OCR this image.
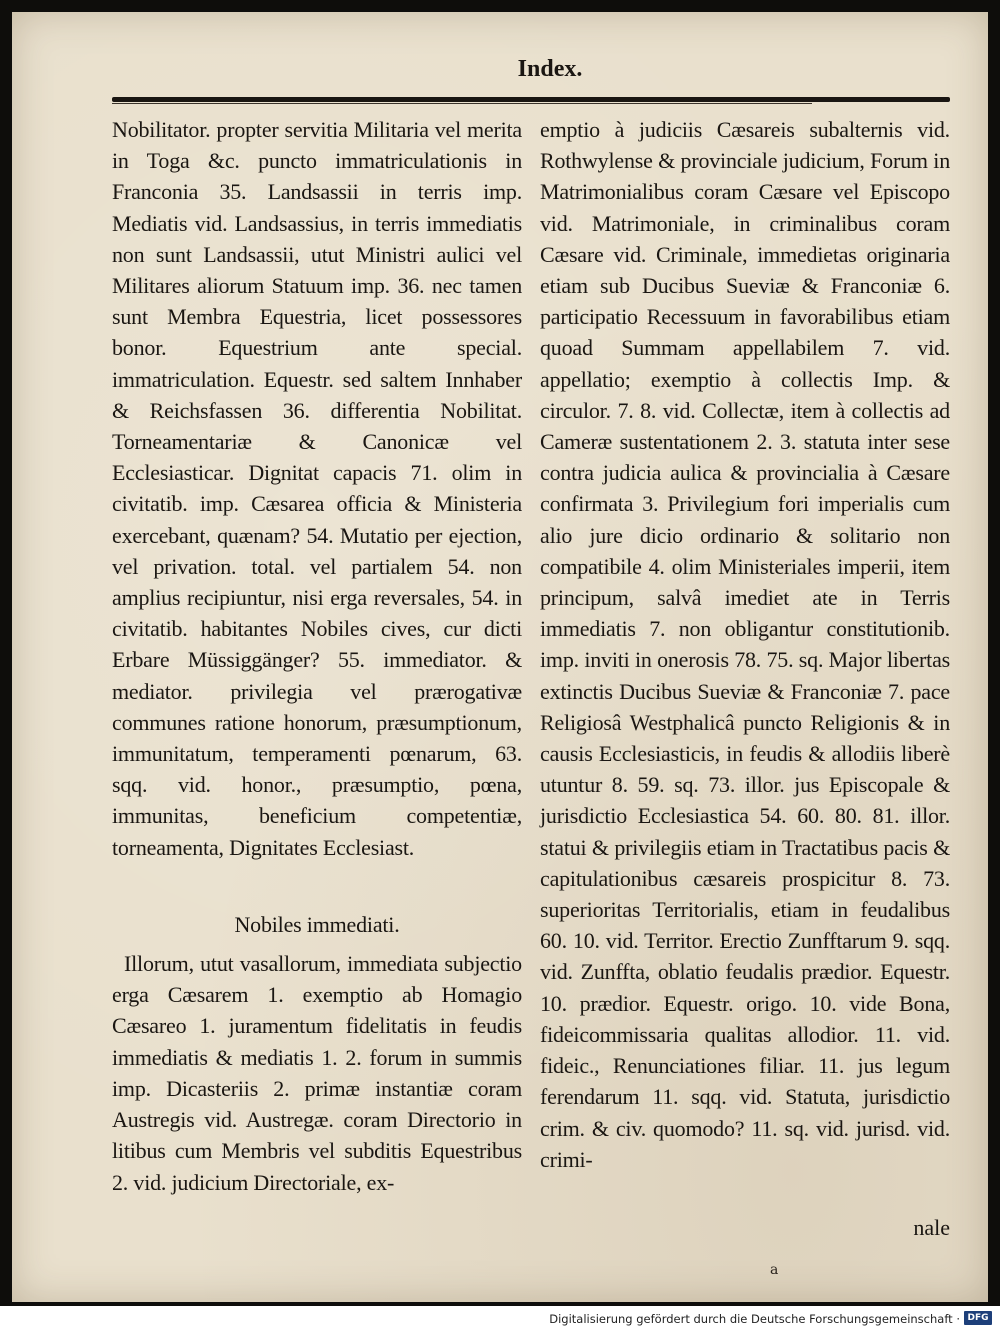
Index.

Nobilitator. propter servitia Militaria vel merita in Toga &c. puncto immatriculationis in Franconia 35. Landsassii in terris imp. Mediatis vid. Landsassius, in terris immediatis non sunt Landsassii, utut Ministri aulici vel Militares aliorum Statuum imp. 36. nec tamen sunt Membra Equestria, licet possessores bonor. Equestrium ante special. immatriculation. Equestr. sed saltem Innhaber & Reichsfassen 36. differentia Nobilitat. Torneamentariæ & Canonicæ vel Ecclesiasticar. Dignitat capacis 71. olim in civitatib. imp. Cæsarea officia & Ministeria exercebant, quænam? 54. Mutatio per ejection, vel privation. total. vel partialem 54. non amplius recipiuntur, nisi erga reversales, 54. in civitatib. habitantes Nobiles cives, cur dicti Erbare Müssiggänger? 55. immediator. & mediator. privilegia vel prærogativæ communes ratione honorum, præsumptionum, immunitatum, temperamenti pœnarum, 63. sqq. vid. honor., præsumptio, pœna, immunitas, beneficium competentiæ, torneamenta, Dignitates Ecclesiast.

Nobiles immediati.

Illorum, utut vasallorum, immediata subjectio erga Cæsarem 1. exemptio ab Homagio Cæsareo 1. juramentum fidelitatis in feudis immediatis & mediatis 1. 2. forum in summis imp. Dicasteriis 2. primæ instantiæ coram Austregis vid. Austregæ. coram Directorio in litibus cum Membris vel subditis Equestribus 2. vid. judicium Directoriale, ex-

emptio à judiciis Cæsareis subalternis vid. Rothwylense & provinciale judicium, Forum in Matrimonialibus coram Cæsare vel Episcopo vid. Matrimoniale, in criminalibus coram Cæsare vid. Criminale, immedietas originaria etiam sub Ducibus Sueviæ & Franconiæ 6. participatio Recessuum in favorabilibus etiam quoad Summam appellabilem 7. vid. appellatio; exemptio à collectis Imp. & circulor. 7. 8. vid. Collectæ, item à collectis ad Cameræ sustentationem 2. 3. statuta inter sese contra judicia aulica & provincialia à Cæsare confirmata 3. Privilegium fori imperialis cum alio jure dicio ordinario & solitario non compatibile 4. olim Ministeriales imperii, item principum, salvâ imediet ate in Terris immediatis 7. non obligantur constitutionib. imp. inviti in onerosis 78. 75. sq. Major libertas extinctis Ducibus Sueviæ & Franconiæ 7. pace Religiosâ Westphalicâ puncto Religionis & in causis Ecclesiasticis, in feudis & allodiis liberè utuntur 8. 59. sq. 73. illor. jus Episcopale & jurisdictio Ecclesiastica 54. 60. 80. 81. illor. statui & privilegiis etiam in Tractatibus pacis & capitulationibus cæsareis prospicitur 8. 73. superioritas Territorialis, etiam in feudalibus 60. 10. vid. Territor. Erectio Zunfftarum 9. sqq. vid. Zunffta, oblatio feudalis prædior. Equestr. 10. prædior. Equestr. origo. 10. vide Bona, fideicommissaria qualitas allodior. 11. vid. fideic., Renunciationes filiar. 11. jus legum ferendarum 11. sqq. vid. Statuta, jurisdictio crim. & civ. quomodo? 11. sq. vid. jurisd. vid. crimi-

nale
a
Digitalisierung gefördert durch die Deutsche Forschungsgemeinschaft · DFG
